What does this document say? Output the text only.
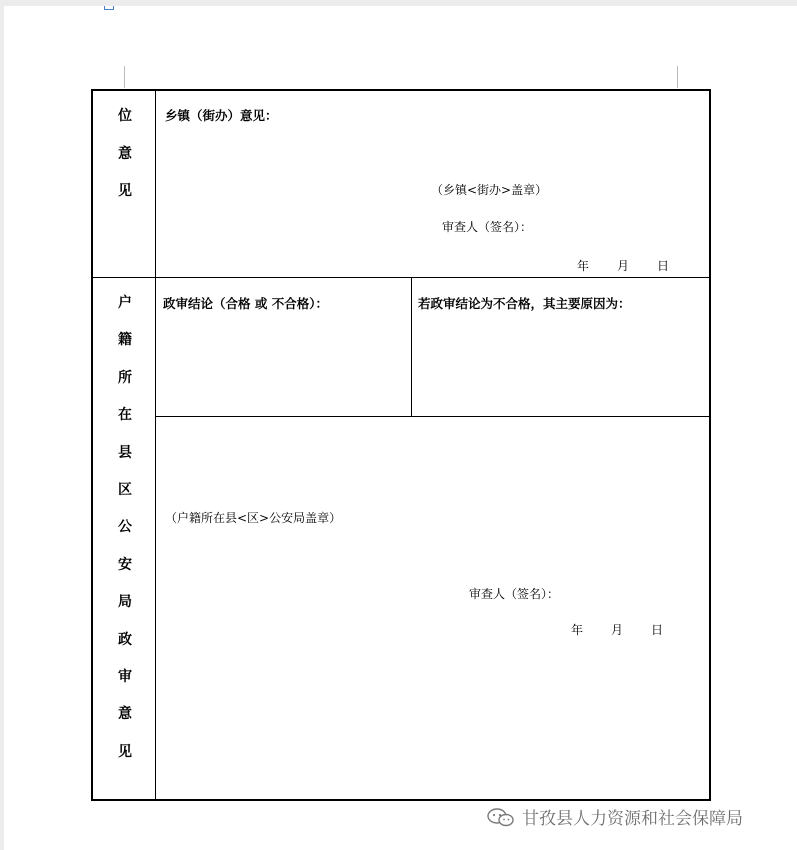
位
意
见
乡镇（街办）意见：
（乡镇<街办>盖章）
审查人（签名）：
年 月 日
户
籍
所
在
县
区
公
安
局
政
审
意
见
政审结论（合格 或 不合格）：	若政审结论为不合格，其主要原因为：
（户籍所在县<区>公安局盖章）
审查人（签名）：
年 月 日
甘孜县人力资源和社会保障局
